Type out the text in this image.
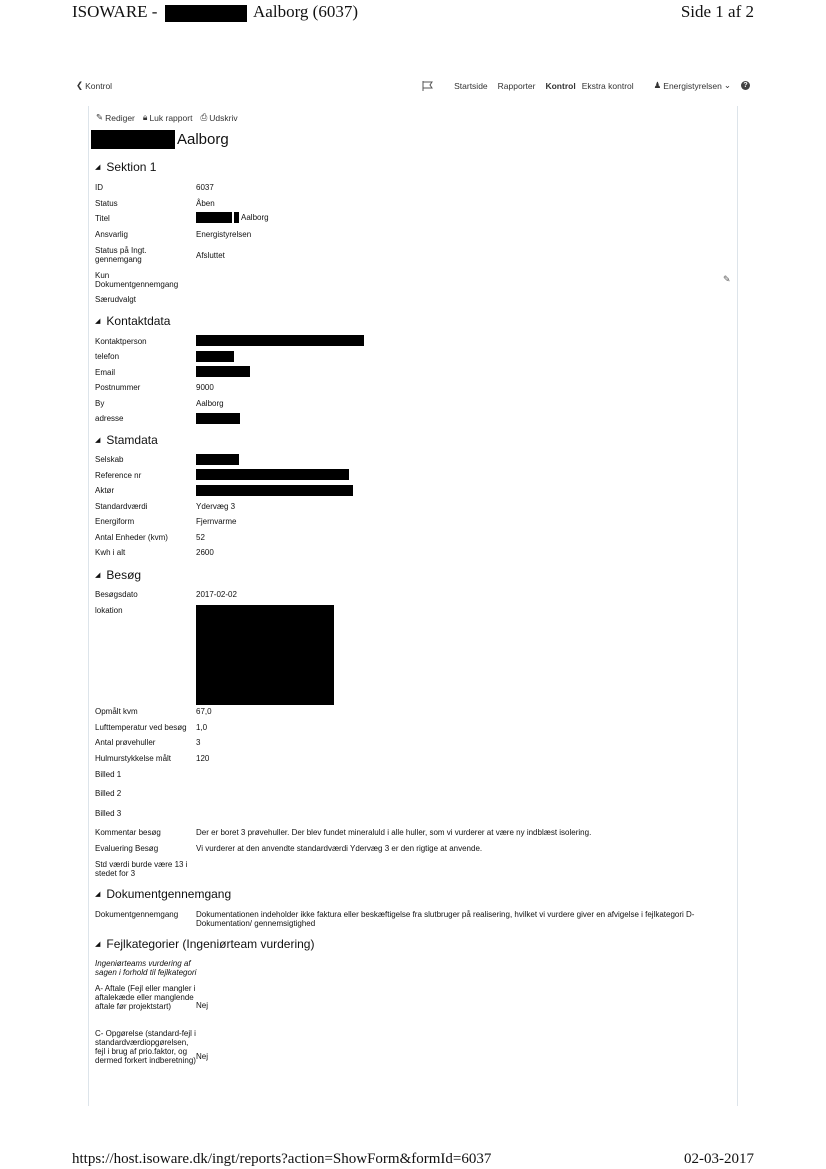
ISOWARE -	Aalborg (6037)	Side 1 af 2
❮ Kontrol	Startside Rapporter Kontrol Ekstra kontrol ♟ Energistyrelsen ⌄	?
✎ Rediger 🔒︎ Luk rapport ⎙ Udskriv
Aalborg
✎
◢ Sektion 1
ID	6037
Status	Åben
Titel	Aalborg
Ansvarlig	Energistyrelsen
Status på Ingt. gennemgang	Afsluttet
Kun Dokumentgennemgang
Særudvalgt
◢ Kontaktdata
Kontaktperson
telefon
Email
Postnummer	9000
By	Aalborg
adresse
◢ Stamdata
Selskab
Reference nr
Aktør
Standardværdi	Ydervæg 3
Energiform	Fjernvarme
Antal Enheder (kvm)	52
Kwh i alt	2600
◢ Besøg
Besøgsdato	2017-02-02
lokation
Opmålt kvm	67,0
Lufttemperatur ved besøg	1,0
Antal prøvehuller	3
Hulmurstykkelse målt	120
Billed 1
Billed 2
Billed 3
Kommentar besøg	Der er boret 3 prøvehuller. Der blev fundet mineraluld i alle huller, som vi vurderer at være ny indblæst isolering.
Evaluering Besøg	Vi vurderer at den anvendte standardværdi Ydervæg 3 er den rigtige at anvende.
Std værdi burde være 13 i stedet for 3
◢ Dokumentgennemgang
Dokumentgennemgang	Dokumentationen indeholder ikke faktura eller beskæftigelse fra slutbruger på realisering, hvilket vi vurdere giver en afvigelse i fejlkategori D- Dokumentation/ gennemsigtighed
◢ Fejlkategorier (Ingeniørteam vurdering)
Ingeniørteams vurdering af sagen i forhold til fejlkategori
A- Aftale (Fejl eller mangler i aftalekæde eller manglende aftale før projektstart)	Nej
C- Opgørelse (standard-fejl i standardværdiopgørelsen, fejl i brug af prio.faktor, og dermed forkert indberetning) Nej
https://host.isoware.dk/ingt/reports?action=ShowForm&formId=6037	02-03-2017
